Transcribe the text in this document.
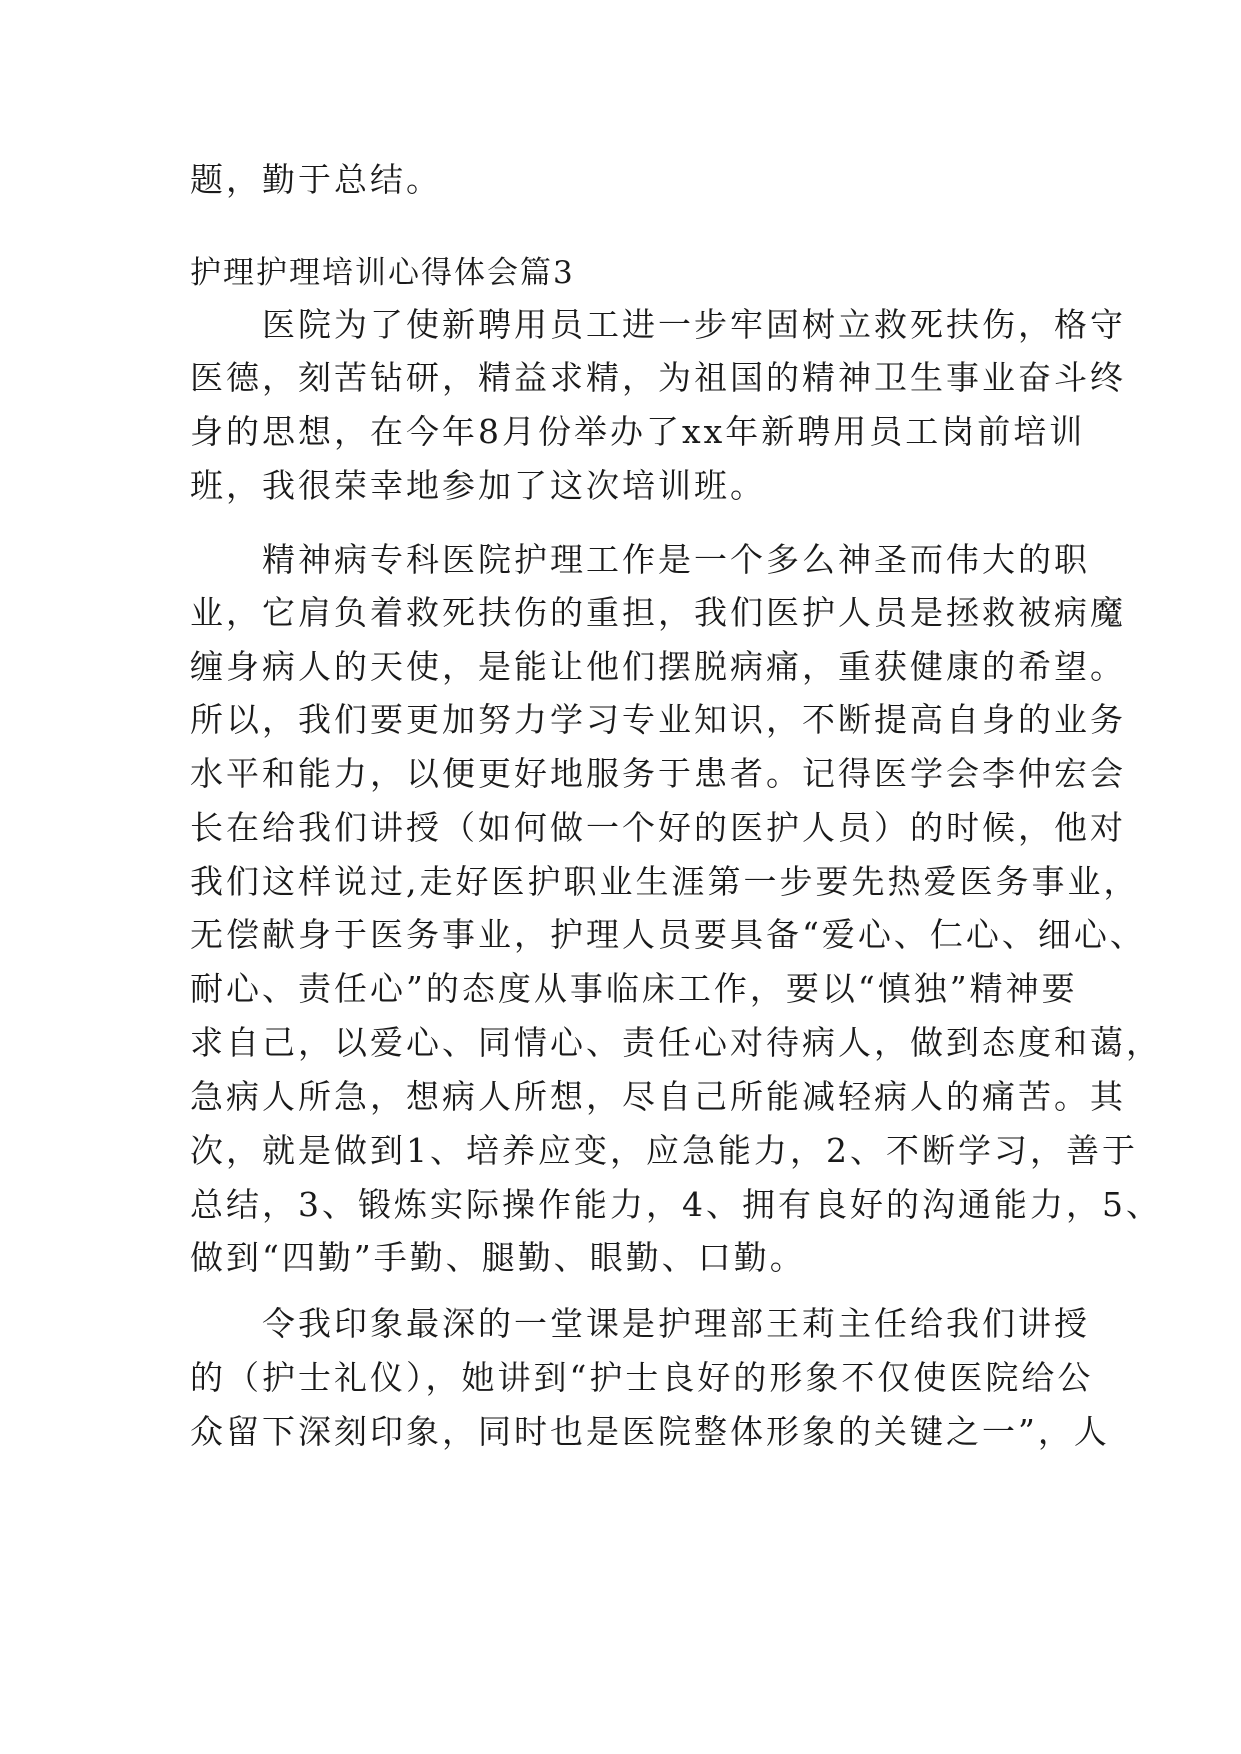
题，勤于总结。
护理护理培训心得体会篇3
　　医院为了使新聘用员工进一步牢固树立救死扶伤，格守
医德，刻苦钻研，精益求精，为祖国的精神卫生事业奋斗终
身的思想，在今年8月份举办了xx年新聘用员工岗前培训
班，我很荣幸地参加了这次培训班。
　　精神病专科医院护理工作是一个多么神圣而伟大的职
业，它肩负着救死扶伤的重担，我们医护人员是拯救被病魔
缠身病人的天使，是能让他们摆脱病痛，重获健康的希望。
所以，我们要更加努力学习专业知识，不断提高自身的业务
水平和能力，以便更好地服务于患者。记得医学会李仲宏会
长在给我们讲授（如何做一个好的医护人员）的时候，他对
我们这样说过,走好医护职业生涯第一步要先热爱医务事业，
无偿献身于医务事业，护理人员要具备“爱心、仁心、细心、
耐心、责任心”的态度从事临床工作，要以“慎独”精神要
求自己，以爱心、同情心、责任心对待病人，做到态度和蔼，
急病人所急，想病人所想，尽自己所能减轻病人的痛苦。其
次，就是做到1、培养应变，应急能力，2、不断学习，善于
总结，3、锻炼实际操作能力，4、拥有良好的沟通能力，5、
做到“四勤”手勤、腿勤、眼勤、口勤。
　　令我印象最深的一堂课是护理部王莉主任给我们讲授
的（护士礼仪），她讲到“护士良好的形象不仅使医院给公
众留下深刻印象，同时也是医院整体形象的关键之一”，人
